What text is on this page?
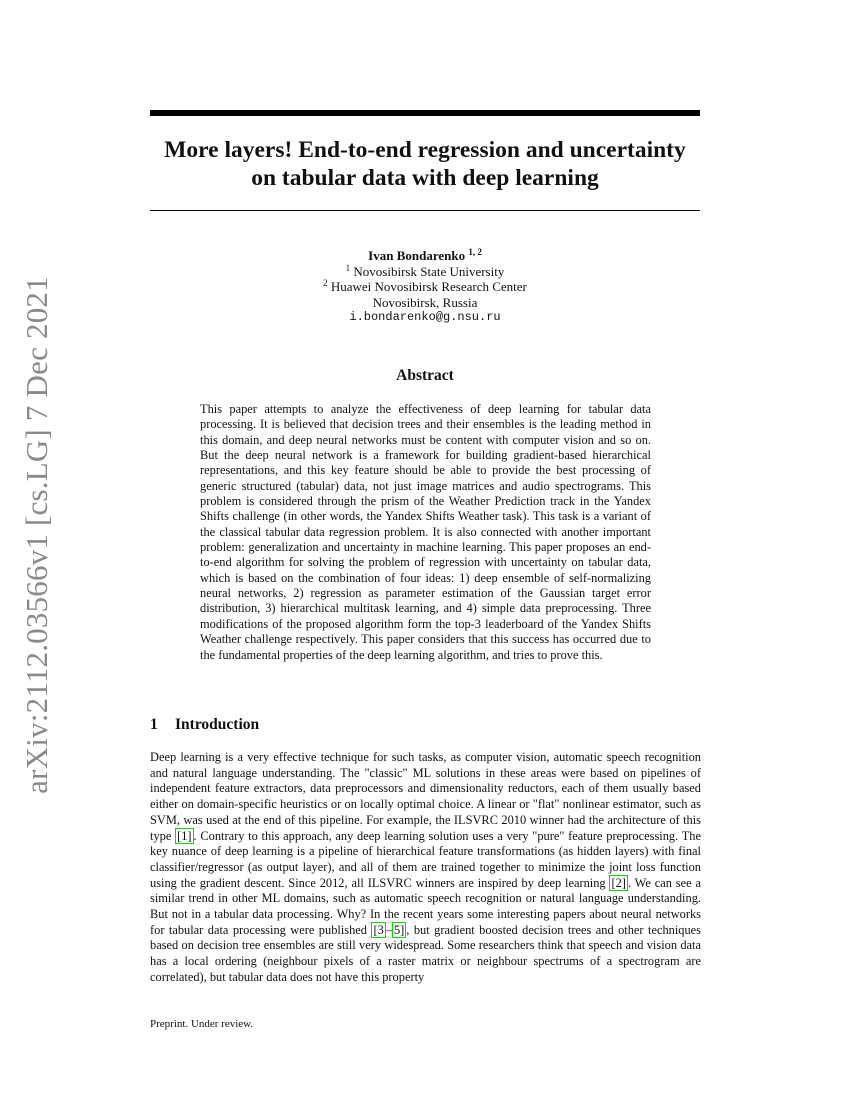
arXiv:2112.03566v1 [cs.LG] 7 Dec 2021
More layers! End-to-end regression and uncertainty
on tabular data with deep learning
Ivan Bondarenko $^{1, 2}$
$^1$ Novosibirsk State University
$^2$ Huawei Novosibirsk Research Center
Novosibirsk, Russia
i.bondarenko@g.nsu.ru
Abstract

This paper attempts to analyze the effectiveness of deep learning for tabular data processing. It is believed that decision trees and their ensembles is the leading method in this domain, and deep neural networks must be content with computer vision and so on. But the deep neural network is a framework for building gradient-based hierarchical representations, and this key feature should be able to provide the best processing of generic structured (tabular) data, not just image matrices and audio spectrograms. This problem is considered through the prism of the Weather Prediction track in the Yandex Shifts challenge (in other words, the Yandex Shifts Weather task). This task is a variant of the classical tabular data regression problem. It is also connected with another important problem: generalization and uncertainty in machine learning. This paper proposes an end-to-end algorithm for solving the problem of regression with uncertainty on tabular data, which is based on the combination of four ideas: 1) deep ensemble of self-normalizing neural networks, 2) regression as parameter estimation of the Gaussian target error distribution, 3) hierarchical multitask learning, and 4) simple data preprocessing. Three modifications of the proposed algorithm form the top-3 leaderboard of the Yandex Shifts Weather challenge respectively. This paper considers that this success has occurred due to the fundamental properties of the deep learning algorithm, and tries to prove this.

1 Introduction

Deep learning is a very effective technique for such tasks, as computer vision, automatic speech recognition and natural language understanding. The "classic" ML solutions in these areas were based on pipelines of independent feature extractors, data preprocessors and dimensionality reductors, each of them usually based either on domain-specific heuristics or on locally optimal choice. A linear or "flat" nonlinear estimator, such as SVM, was used at the end of this pipeline. For example, the ILSVRC 2010 winner had the architecture of this type [1] . Contrary to this approach, any deep learning solution uses a very "pure" feature preprocessing. The key nuance of deep learning is a pipeline of hierarchical feature transformations (as hidden layers) with final classifier/regressor (as output layer), and all of them are trained together to minimize the joint loss function using the gradient descent. Since 2012, all ILSVRC winners are inspired by deep learning [2] . We can see a similar trend in other ML domains, such as automatic speech recognition or natural language understanding. But not in a tabular data processing. Why? In the recent years some interesting papers about neural networks for tabular data processing were published [3 – 5] , but gradient boosted decision trees and other techniques based on decision tree ensembles are still very widespread. Some researchers think that speech and vision data has a local ordering (neighbour pixels of a raster matrix or neighbour spectrums of a spectrogram are correlated), but tabular data does not have this property

Preprint. Under review.
